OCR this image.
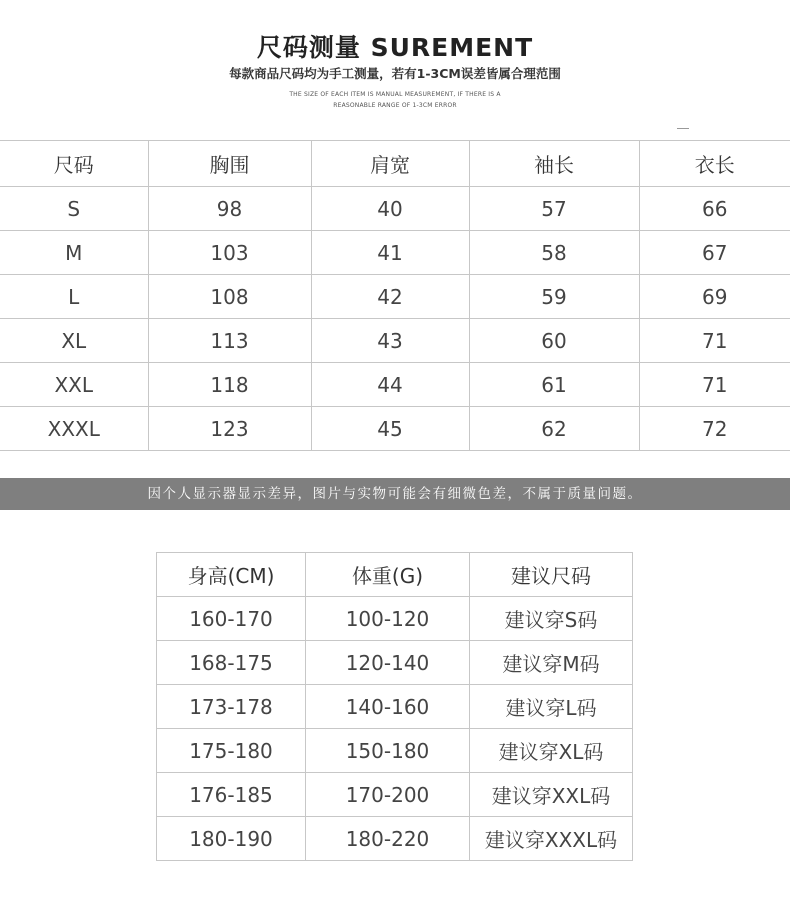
尺码测量 SUREMENT
每款商品尺码均为手工测量，若有1-3CM误差皆属合理范围
THE SIZE OF EACH ITEM IS MANUAL MEASUREMENT, IF THERE IS A
REASONABLE RANGE OF 1-3CM ERROR
尺码	胸围	肩宽	袖长	衣长
S	98	40	57	66
M	103	41	58	67
L	108	42	59	69
XL	113	43	60	71
XXL	118	44	61	71
XXXL	123	45	62	72
因个人显示器显示差异，图片与实物可能会有细微色差，不属于质量问题。
身高(CM)	体重(G)	建议尺码
160-170	100-120	建议穿S码
168-175	120-140	建议穿M码
173-178	140-160	建议穿L码
175-180	150-180	建议穿XL码
176-185	170-200	建议穿XXL码
180-190	180-220	建议穿XXXL码
